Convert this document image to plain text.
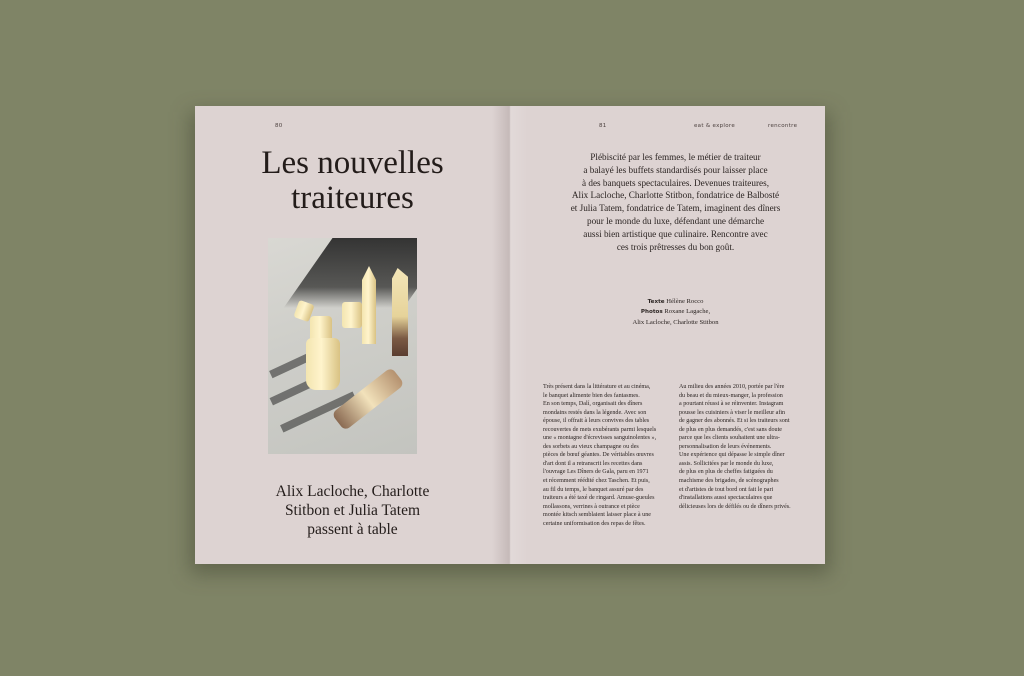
80	81	eat & explore	rencontre
Les nouvelles
traiteures
Alix Lacloche, Charlotte
Stitbon et Julia Tatem
passent à table
Plébiscité par les femmes, le métier de traiteur
a balayé les buffets standardisés pour laisser place
à des banquets spectaculaires. Devenues traiteures,
Alix Lacloche, Charlotte Stitbon, fondatrice de Balbosté
et Julia Tatem, fondatrice de Tatem, imaginent des dîners
pour le monde du luxe, défendant une démarche
aussi bien artistique que culinaire. Rencontre avec
ces trois prêtresses du bon goût.
Texte Hélène Rocco
Photos Roxane Lagache,
Alix Lacloche, Charlotte Stitbon
Très présent dans la littérature et au cinéma,
le banquet alimente bien des fantasmes.
En son temps, Dalí, organisait des dîners
mondains restés dans la légende. Avec son
épouse, il offrait à leurs convives des tables
recouvertes de mets exubérants parmi lesquels
une « montagne d'écrevisses sanguinolentes »,
des sorbets au vieux champagne ou des
pièces de bœuf géantes. De véritables œuvres
d'art dont il a retranscrit les recettes dans
l'ouvrage Les Dîners de Gala, paru en 1971
et récemment réédité chez Taschen. Et puis,
au fil du temps, le banquet assuré par des
traiteurs a été taxé de ringard. Amuse-gueules
mollassons, verrines à outrance et pièce
montée kitsch semblaient laisser place à une
certaine uniformisation des repas de fêtes.
Au milieu des années 2010, portée par l'ère
du beau et du mieux-manger, la profession
a pourtant réussi à se réinventer. Instagram
pousse les cuisiniers à viser le meilleur afin
de gagner des abonnés. Et si les traiteurs sont
de plus en plus demandés, c'est sans doute
parce que les clients souhaitent une ultra-
personnalisation de leurs événements.
Une expérience qui dépasse le simple dîner
assis. Sollicitées par le monde du luxe,
de plus en plus de cheffes fatiguées du
machisme des brigades, de scénographes
et d'artistes de tout bord ont fait le pari
d'installations aussi spectaculaires que
délicieuses lors de défilés ou de dîners privés.
